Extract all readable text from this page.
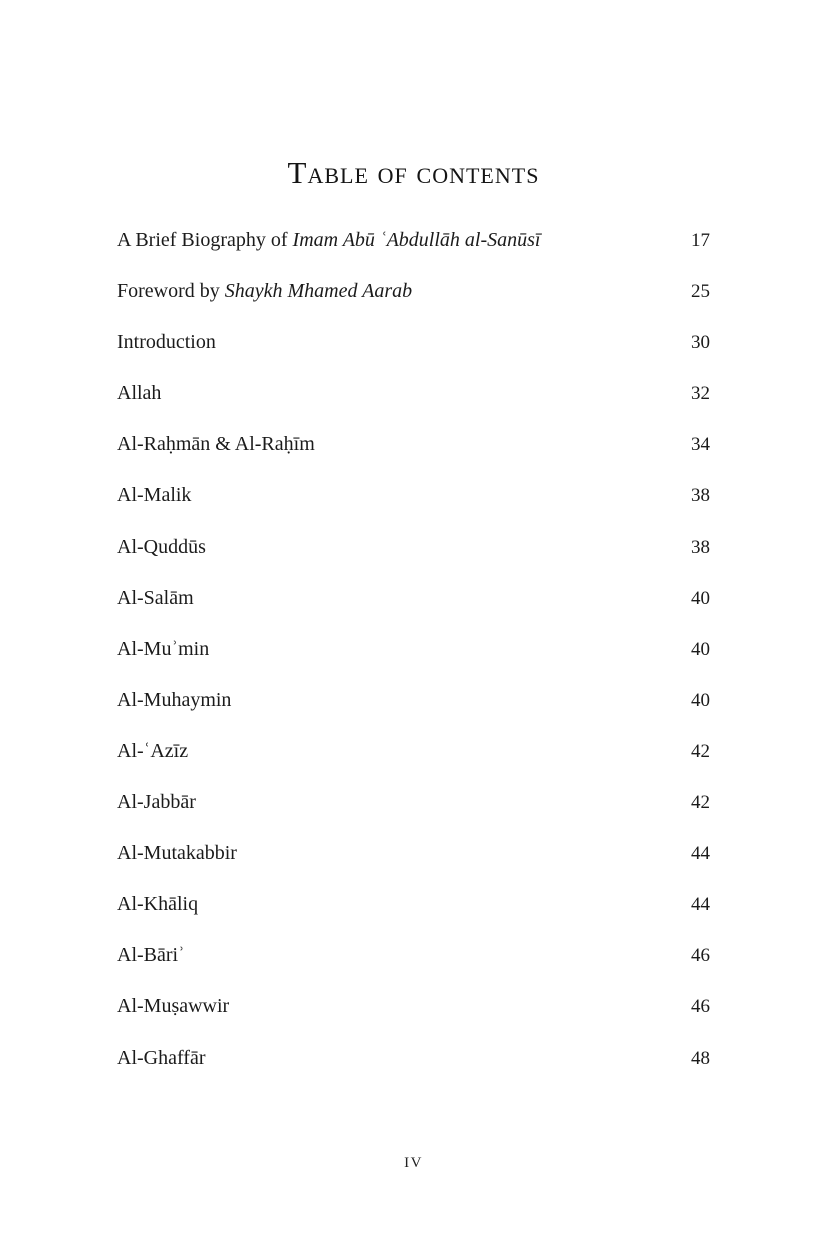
Table of contents
A Brief Biography of Imam Abū ʿAbdullāh al-Sanūsī	17
Foreword by Shaykh Mhamed Aarab	25
Introduction	30
Allah	32
Al-Raḥmān & Al-Raḥīm	34
Al-Malik	38
Al-Quddūs	38
Al-Salām	40
Al-Muʾmin	40
Al-Muhaymin	40
Al-ʿAzīz	42
Al-Jabbār	42
Al-Mutakabbir	44
Al-Khāliq	44
Al-Bāriʾ	46
Al-Muṣawwir	46
Al-Ghaffār	48
IV
